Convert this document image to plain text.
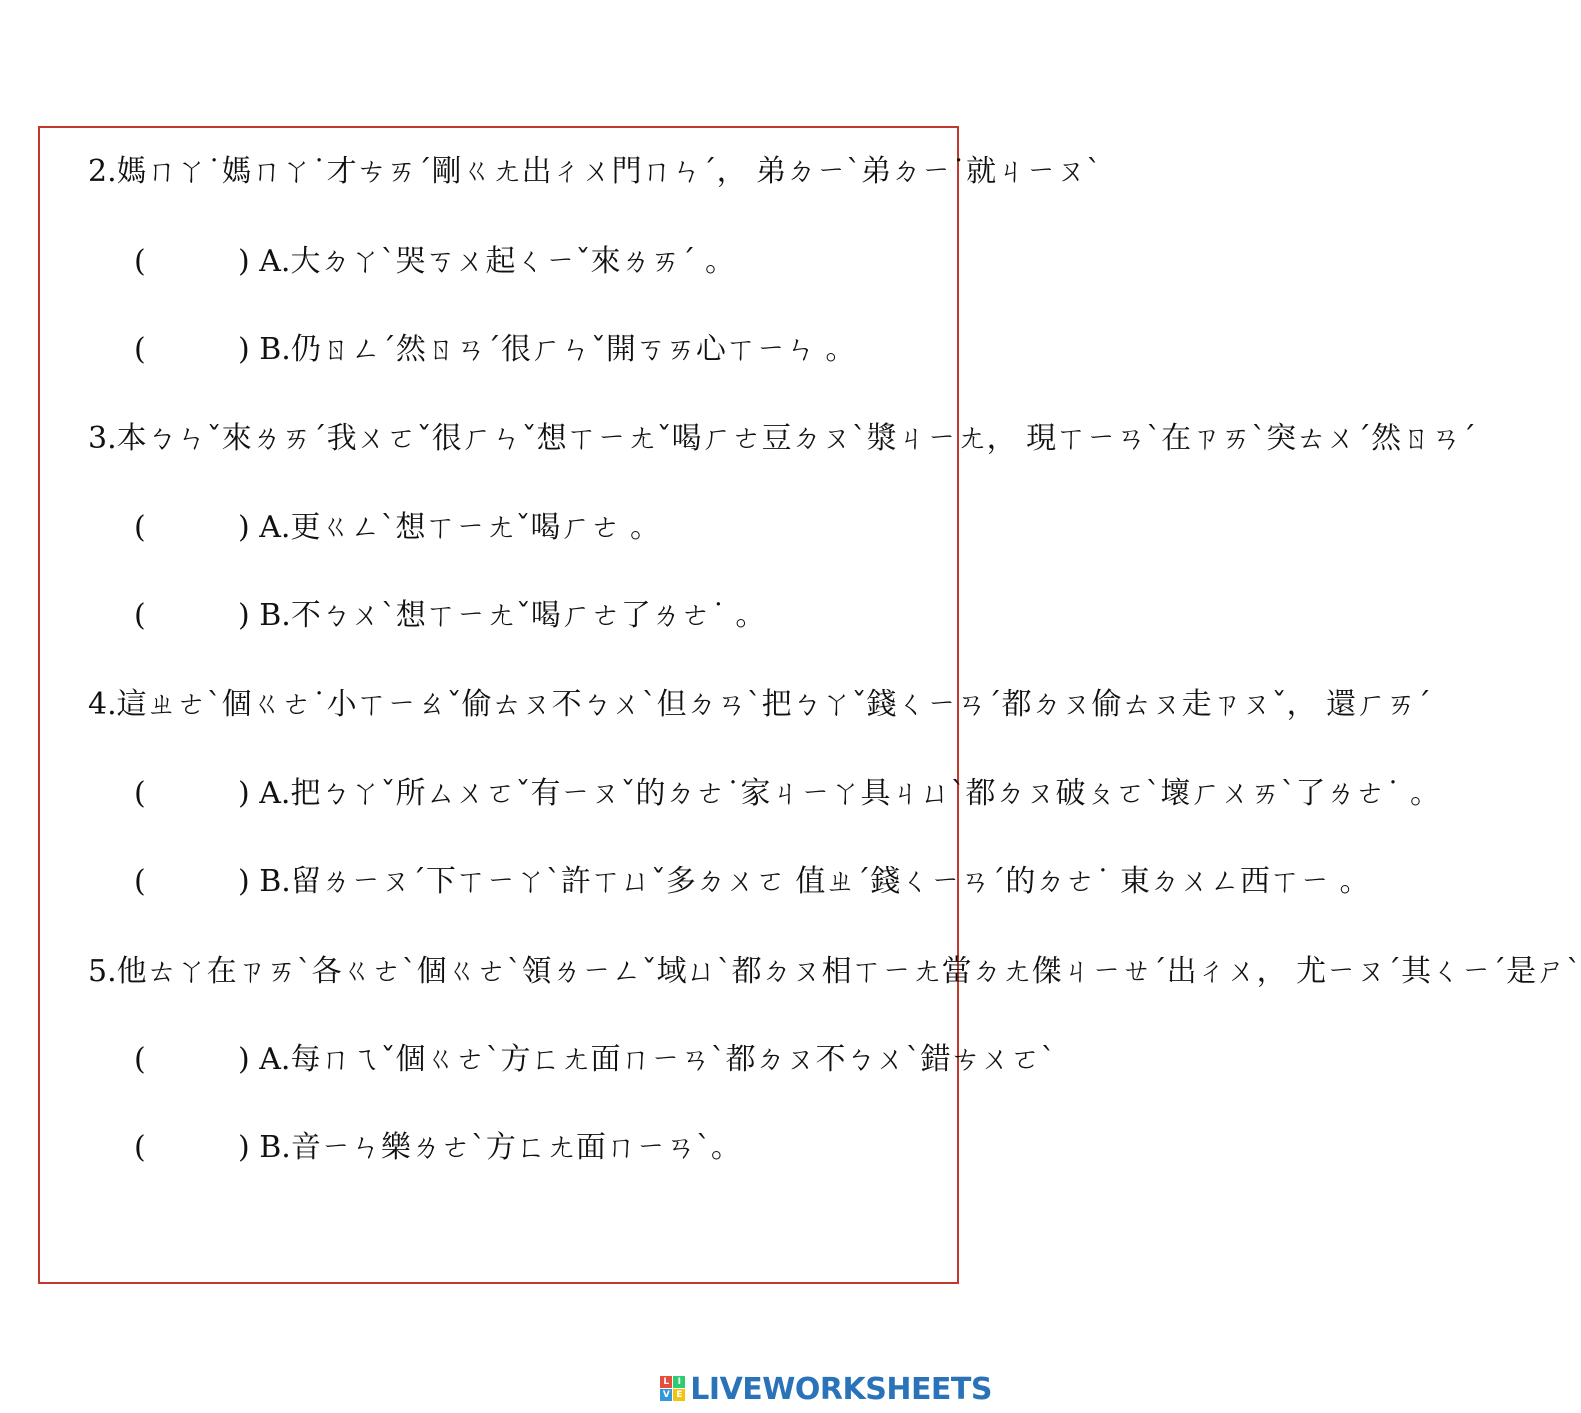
2.媽ㄇㄚ˙媽ㄇㄚ˙才ㄘㄞˊ剛ㄍㄤ出ㄔㄨ門ㄇㄣˊ， 弟ㄉㄧˋ弟ㄉㄧ˙就ㄐㄧㄡˋ
(	) A.大ㄉㄚˋ哭ㄎㄨ起ㄑㄧˇ來ㄌㄞˊ 。
(	) B.仍ㄖㄥˊ然ㄖㄢˊ很ㄏㄣˇ開ㄎㄞ心ㄒㄧㄣ 。
3.本ㄅㄣˇ來ㄌㄞˊ我ㄨㄛˇ很ㄏㄣˇ想ㄒㄧㄤˇ喝ㄏㄜ豆ㄉㄡˋ漿ㄐㄧㄤ， 現ㄒㄧㄢˋ在ㄗㄞˋ突ㄊㄨˊ然ㄖㄢˊ
(	) A.更ㄍㄥˋ想ㄒㄧㄤˇ喝ㄏㄜ 。
(	) B.不ㄅㄨˋ想ㄒㄧㄤˇ喝ㄏㄜ了ㄌㄜ˙ 。
4.這ㄓㄜˋ個ㄍㄜ˙小ㄒㄧㄠˇ偷ㄊㄡ不ㄅㄨˋ但ㄉㄢˋ把ㄅㄚˇ錢ㄑㄧㄢˊ都ㄉㄡ偷ㄊㄡ走ㄗㄡˇ， 還ㄏㄞˊ
(	) A.把ㄅㄚˇ所ㄙㄨㄛˇ有ㄧㄡˇ的ㄉㄜ˙家ㄐㄧㄚ具ㄐㄩˋ都ㄉㄡ破ㄆㄛˋ壞ㄏㄨㄞˋ了ㄌㄜ˙ 。
(	) B.留ㄌㄧㄡˊ下ㄒㄧㄚˋ許ㄒㄩˇ多ㄉㄨㄛ 值ㄓˊ錢ㄑㄧㄢˊ的ㄉㄜ˙ 東ㄉㄨㄥ西ㄒㄧ 。
5.他ㄊㄚ在ㄗㄞˋ各ㄍㄜˋ個ㄍㄜˋ領ㄌㄧㄥˇ域ㄩˋ都ㄉㄡ相ㄒㄧㄤ當ㄉㄤ傑ㄐㄧㄝˊ出ㄔㄨ， 尤ㄧㄡˊ其ㄑㄧˊ是ㄕˋ
(	) A.每ㄇㄟˇ個ㄍㄜˋ方ㄈㄤ面ㄇㄧㄢˋ都ㄉㄡ不ㄅㄨˋ錯ㄘㄨㄛˋ
(	) B.音ㄧㄣ樂ㄌㄜˋ方ㄈㄤ面ㄇㄧㄢˋ。
L I
V E LIVEWORKSHEETS
